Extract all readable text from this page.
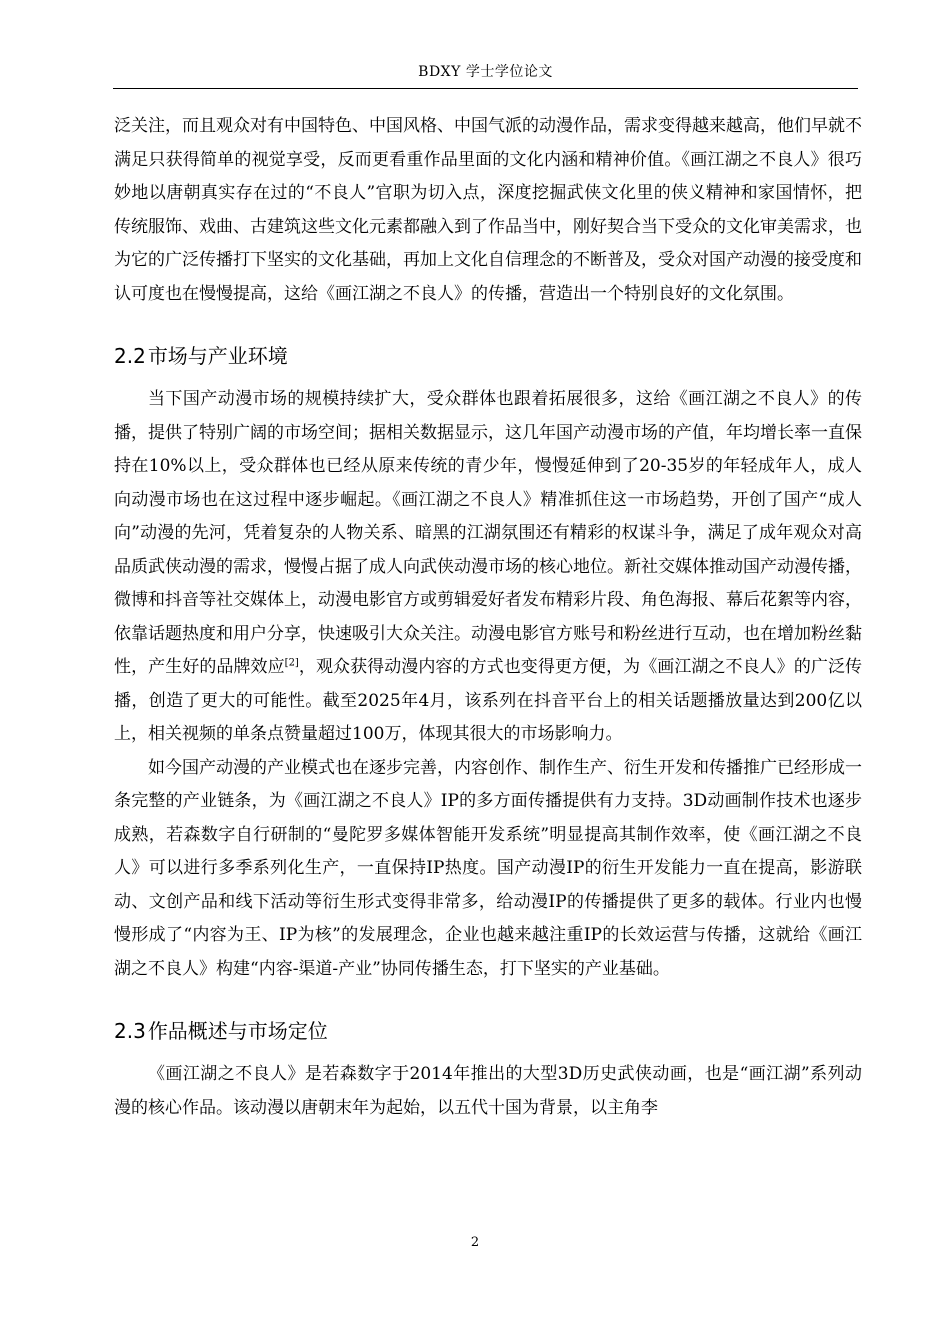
BDXY 学士学位论文

泛关注，而且观众对有中国特色、中国风格、中国气派的动漫作品，需求变得越来越高，他们早就不满足只获得简单的视觉享受，反而更看重作品里面的文化内涵和精神价值。《画江湖之不良人》很巧妙地以唐朝真实存在过的“不良人”官职为切入点，深度挖掘武侠文化里的侠义精神和家国情怀，把传统服饰、戏曲、古建筑这些文化元素都融入到了作品当中，刚好契合当下受众的文化审美需求，也为它的广泛传播打下坚实的文化基础，再加上文化自信理念的不断普及，受众对国产动漫的接受度和认可度也在慢慢提高，这给《画江湖之不良人》的传播，营造出一个特别良好的文化氛围。

2.2 市场与产业环境

当下国产动漫市场的规模持续扩大，受众群体也跟着拓展很多，这给《画江湖之不良人》的传播，提供了特别广阔的市场空间；据相关数据显示，这几年国产动漫市场的产值，年均增长率一直保持在10%以上，受众群体也已经从原来传统的青少年，慢慢延伸到了20-35岁的年轻成年人，成人向动漫市场也在这过程中逐步崛起。《画江湖之不良人》精准抓住这一市场趋势，开创了国产“成人向”动漫的先河，凭着复杂的人物关系、暗黑的江湖氛围还有精彩的权谋斗争，满足了成年观众对高品质武侠动漫的需求，慢慢占据了成人向武侠动漫市场的核心地位。新社交媒体推动国产动漫传播，微博和抖音等社交媒体上，动漫电影官方或剪辑爱好者发布精彩片段、角色海报、幕后花絮等内容，依靠话题热度和用户分享，快速吸引大众关注。动漫电影官方账号和粉丝进行互动，也在增加粉丝黏性，产生好的品牌效应[2]，观众获得动漫内容的方式也变得更方便，为《画江湖之不良人》的广泛传播，创造了更大的可能性。截至2025年4月，该系列在抖音平台上的相关话题播放量达到200亿以上，相关视频的单条点赞量超过100万，体现其很大的市场影响力。

如今国产动漫的产业模式也在逐步完善，内容创作、制作生产、衍生开发和传播推广已经形成一条完整的产业链条，为《画江湖之不良人》IP的多方面传播提供有力支持。3D动画制作技术也逐步成熟，若森数字自行研制的“曼陀罗多媒体智能开发系统”明显提高其制作效率，使《画江湖之不良人》可以进行多季系列化生产，一直保持IP热度。国产动漫IP的衍生开发能力一直在提高，影游联动、文创产品和线下活动等衍生形式变得非常多，给动漫IP的传播提供了更多的载体。行业内也慢慢形成了“内容为王、IP为核”的发展理念，企业也越来越注重IP的长效运营与传播，这就给《画江湖之不良人》构建“内容-渠道-产业”协同传播生态，打下坚实的产业基础。

2.3 作品概述与市场定位

《画江湖之不良人》是若森数字于2014年推出的大型3D历史武侠动画，也是“画江湖”系列动漫的核心作品。该动漫以唐朝末年为起始，以五代十国为背景，以主角李

2
